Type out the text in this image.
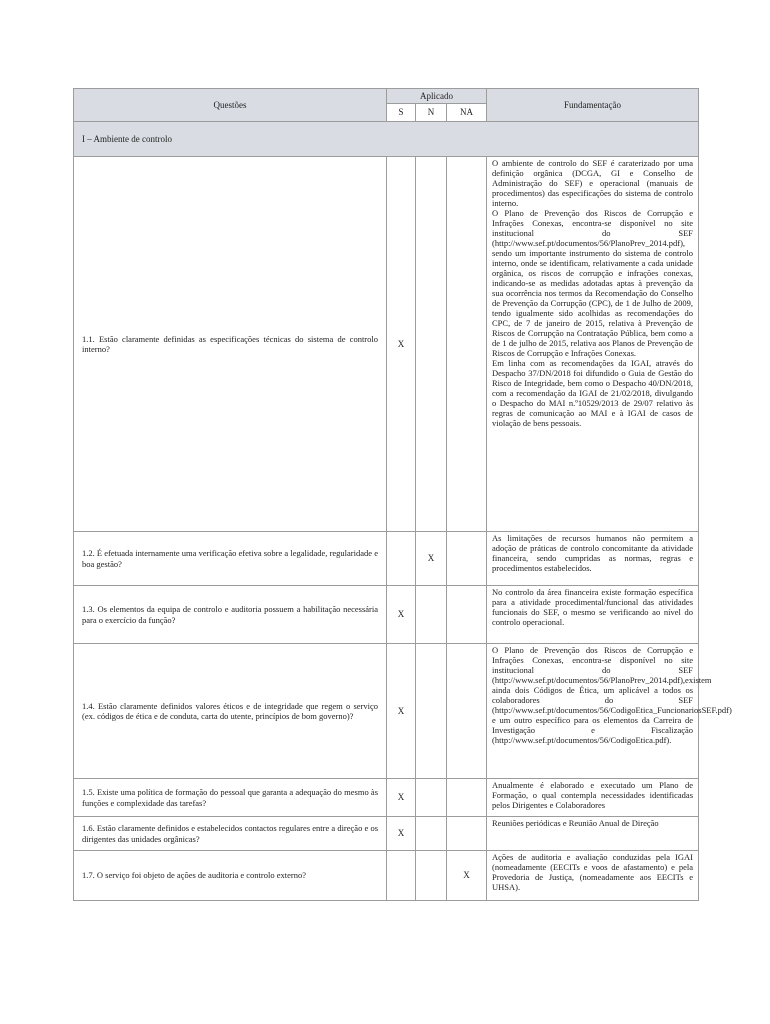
Questões	Aplicado			Fundamentação
	S	N	NA	
I – Ambiente de controlo				
1.1. Estão claramente definidas as especificações técnicas do sistema de controlo interno?	X			O ambiente de controlo do SEF é caraterizado por uma definição orgânica (DCGA, GI e Conselho de Administração do SEF) e operacional (manuais de procedimentos) das especificações do sistema de controlo interno.

O Plano de Prevenção dos Riscos de Corrupção e Infrações Conexas, encontra-se disponível no site institucional do SEF (http://www.sef.pt/documentos/56/PlanoPrev_2014.pdf), sendo um importante instrumento do sistema de controlo interno, onde se identificam, relativamente a cada unidade orgânica, os riscos de corrupção e infrações conexas, indicando-se as medidas adotadas aptas à prevenção da sua ocorrência nos termos da Recomendação do Conselho de Prevenção da Corrupção (CPC), de 1 de Julho de 2009, tendo igualmente sido acolhidas as recomendações do CPC, de 7 de janeiro de 2015, relativa à Prevenção de Riscos de Corrupção na Contratação Pública, bem como a de 1 de julho de 2015, relativa aos Planos de Prevenção de Riscos de Corrupção e Infrações Conexas.

Em linha com as recomendações da IGAI, através do Despacho 37/DN/2018 foi difundido o Guia de Gestão do Risco de Integridade, bem como o Despacho 40/DN/2018, com a recomendação da IGAI de 21/02/2018, divulgando o Despacho do MAI n.º10529/2013 de 29/07 relativo às regras de comunicação ao MAI e à IGAI de casos de violação de bens pessoais.

1.2. É efetuada internamente uma verificação efetiva sobre a legalidade, regularidade e boa gestão?		X		As limitações de recursos humanos não permitem a adoção de práticas de controlo concomitante da atividade financeira, sendo cumpridas as normas, regras e procedimentos estabelecidos.

1.3. Os elementos da equipa de controlo e auditoria possuem a habilitação necessária para o exercício da função?	X			No controlo da área financeira existe formação específica para a atividade procedimental/funcional das atividades funcionais do SEF, o mesmo se verificando ao nível do controlo operacional.

1.4. Estão claramente definidos valores éticos e de integridade que regem o serviço (ex. códigos de ética e de conduta, carta do utente, princípios de bom governo)?	X			O Plano de Prevenção dos Riscos de Corrupção e Infrações Conexas, encontra-se disponível no site institucional do SEF (http://www.sef.pt/documentos/56/PlanoPrev_2014.pdf),existem ainda dois Códigos de Ética, um aplicável a todos os colaboradores do SEF (http://www.sef.pt/documentos/56/CodigoEtica_FuncionariosSEF.pdf) e um outro específico para os elementos da Carreira de Investigação e Fiscalização (http://www.sef.pt/documentos/56/CodigoEtica.pdf).

1.5. Existe uma política de formação do pessoal que garanta a adequação do mesmo às funções e complexidade das tarefas?	X			Anualmente é elaborado e executado um Plano de Formação, o qual contempla necessidades identificadas pelos Dirigentes e Colaboradores

1.6. Estão claramente definidos e estabelecidos contactos regulares entre a direção e os dirigentes das unidades orgânicas?	X			Reuniões periódicas e Reunião Anual de Direção

1.7. O serviço foi objeto de ações de auditoria e controlo externo?			X	Ações de auditoria e avaliação conduzidas pela IGAI (nomeadamente (EECITs e voos de afastamento) e pela Provedoria de Justiça, (nomeadamente aos EECITs e UHSA).
